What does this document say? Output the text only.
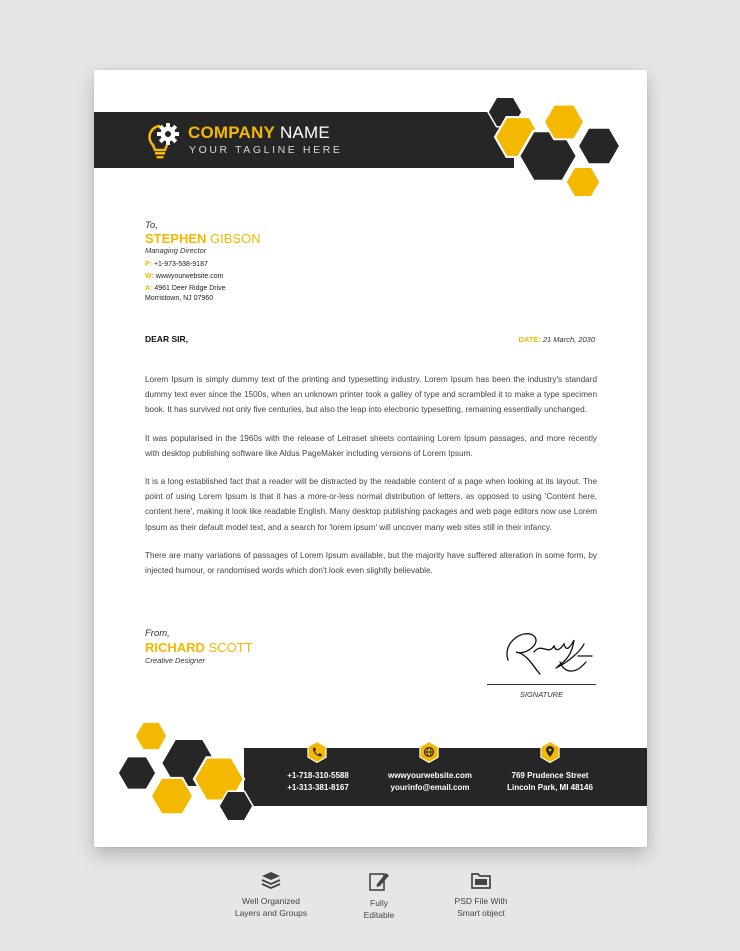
COMPANY NAME
YOUR TAGLINE HERE
To,
STEPHEN GIBSON
Managing Director
P: +1-973-538-9187
W: wwwyourwebsite.com
A: 4961 Deer Ridge Drive
Morristown, NJ 07960
DEAR SIR,	DATE: 21 March, 2030

Lorem Ipsum is simply dummy text of the printing and typesetting industry. Lorem Ipsum has been the industry's standard dummy text ever since the 1500s, when an unknown printer took a galley of type and scrambled it to make a type specimen book. It has survived not only five centuries, but also the leap into electronic typesetting, remaining essentially unchanged.

It was popularised in the 1960s with the release of Letraset sheets containing Lorem Ipsum passages, and more recently with desktop publishing software like Aldus PageMaker including versions of Lorem Ipsum.

It is a long established fact that a reader will be distracted by the readable content of a page when looking at its layout. The point of using Lorem Ipsum is that it has a more-or-less normal distribution of letters, as opposed to using 'Content here, content here', making it look like readable English. Many desktop publishing packages and web page editors now use Lorem Ipsum as their default model text, and a search for 'lorem ipsum' will uncover many web sites still in their infancy.

There are many variations of passages of Lorem Ipsum available, but the majority have suffered alteration in some form, by injected humour, or randomised words which don't look even slightly believable.

From,
RICHARD SCOTT
Creative Designer
SIGNATURE
+1-718-310-5588
+1-313-381-8167
wwwyourwebsite.com
yourinfo@email.com
769 Prudence Street
Lincoln Park, MI 48146
Well Organized
Layers and Groups
Fully
Editable
PSD File With
Smart object
